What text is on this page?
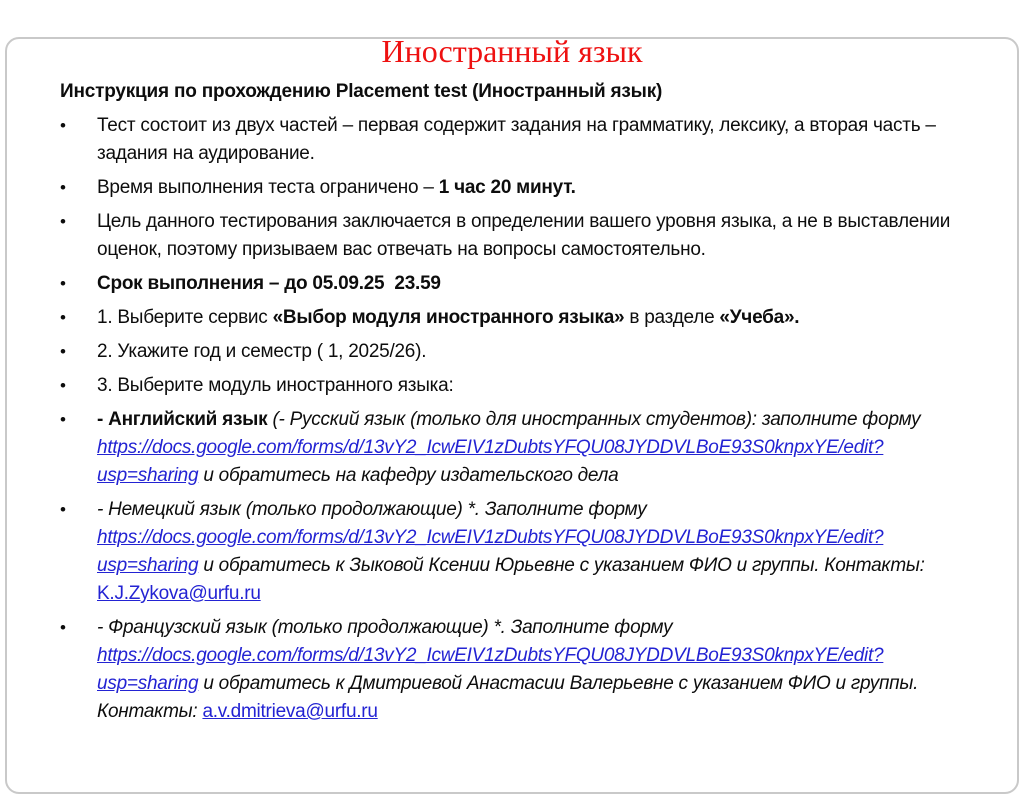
Иностранный язык

Инструкция по прохождению Placement test (Иностранный язык)

•	Тест состоит из двух частей – первая содержит задания на грамматику, лексику, а вторая часть – задания на аудирование.
•	Время выполнения теста ограничено – 1 час 20 минут.
•	Цель данного тестирования заключается в определении вашего уровня языка, а не в выставлении оценок, поэтому призываем вас отвечать на вопросы самостоятельно.
•	Срок выполнения – до 05.09.25  23.59
•	1. Выберите сервис «Выбор модуля иностранного языка» в разделе «Учеба».
•	2. Укажите год и семестр ( 1, 2025/26).
•	3. Выберите модуль иностранного языка:
•	- Английский язык (- Русский язык (только для иностранных студентов): заполните форму https://docs.google.com/forms/d/13vY2_IcwEIV1zDubtsYFQU08JYDDVLBoE93S0knpxYE/edit?usp=sharing и обратитесь на кафедру издательского дела
•	- Немецкий язык (только продолжающие) *. Заполните форму https://docs.google.com/forms/d/13vY2_IcwEIV1zDubtsYFQU08JYDDVLBoE93S0knpxYE/edit?usp=sharing и обратитесь к Зыковой Ксении Юрьевне с указанием ФИО и группы. Контакты: K.J.Zykova@urfu.ru
•	- Французский язык (только продолжающие) *. Заполните форму https://docs.google.com/forms/d/13vY2_IcwEIV1zDubtsYFQU08JYDDVLBoE93S0knpxYE/edit?usp=sharing и обратитесь к Дмитриевой Анастасии Валерьевне с указанием ФИО и группы. Контакты: a.v.dmitrieva@urfu.ru
